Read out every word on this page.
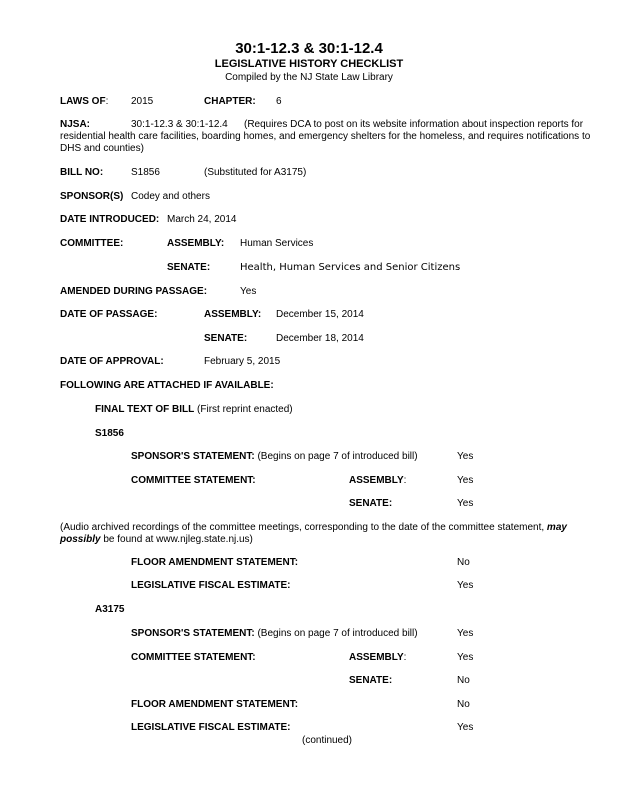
30:1-12.3 & 30:1-12.4
LEGISLATIVE HISTORY CHECKLIST
Compiled by the NJ State Law Library
LAWS OF: 2015	CHAPTER: 6
NJSA:	30:1-12.3 & 30:1-12.4 (Requires DCA to post on its website information about inspection reports for
residential health care facilities, boarding homes, and emergency shelters for the homeless, and requires notifications to
DHS and counties)
BILL NO:	S1856	(Substituted for A3175)
SPONSOR(S) Codey and others
DATE INTRODUCED: March 24, 2014
COMMITTEE:	ASSEMBLY: Human Services
SENATE:	Health, Human Services and Senior Citizens
AMENDED DURING PASSAGE:	Yes
DATE OF PASSAGE:	ASSEMBLY: December 15, 2014
SENATE:	December 18, 2014
DATE OF APPROVAL:	February 5, 2015
FOLLOWING ARE ATTACHED IF AVAILABLE:
FINAL TEXT OF BILL (First reprint enacted)
S1856
SPONSOR'S STATEMENT: (Begins on page 7 of introduced bill)	Yes
COMMITTEE STATEMENT:	ASSEMBLY:	Yes
SENATE:	Yes
(Audio archived recordings of the committee meetings, corresponding to the date of the committee statement, may possibly be found at www.njleg.state.nj.us)
FLOOR AMENDMENT STATEMENT:	No
LEGISLATIVE FISCAL ESTIMATE:	Yes
A3175
SPONSOR'S STATEMENT: (Begins on page 7 of introduced bill)	Yes
COMMITTEE STATEMENT:	ASSEMBLY:	Yes
SENATE:	No
FLOOR AMENDMENT STATEMENT:	No
LEGISLATIVE FISCAL ESTIMATE:	Yes
(continued)
